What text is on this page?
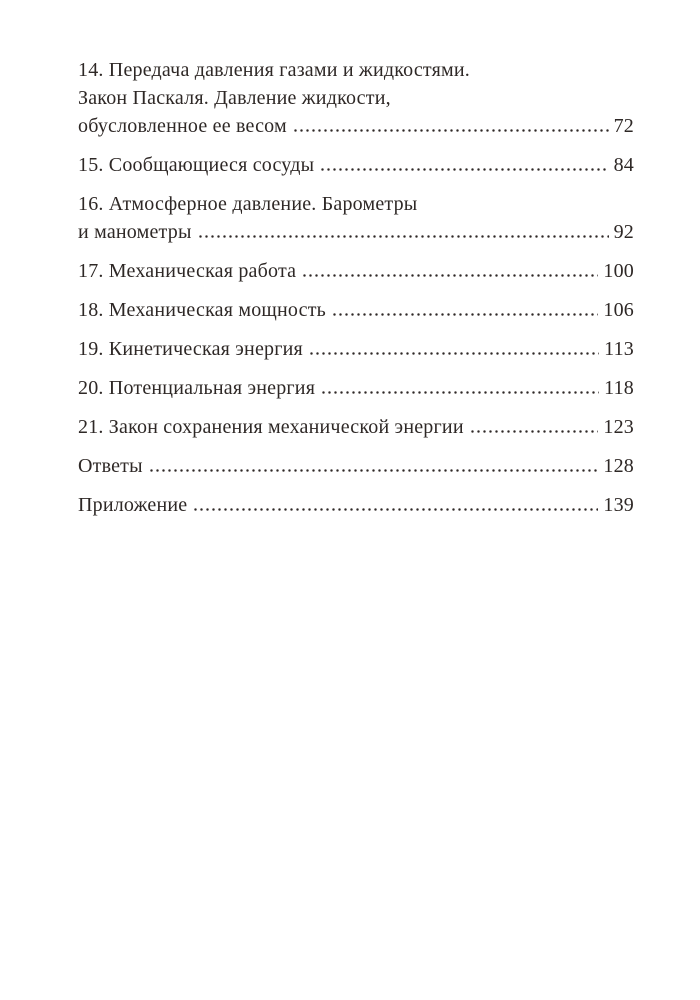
14. Передача давления газами и жидкостями.
Закон Паскаля. Давление жидкости,
обусловленное ее весом	72
15. Сообщающиеся сосуды	84
16. Атмосферное давление. Барометры
и манометры	92
17. Механическая работа	100
18. Механическая мощность	106
19. Кинетическая энергия	113
20. Потенциальная энергия	118
21. Закон сохранения механической энергии	123
Ответы	128
Приложение	139
